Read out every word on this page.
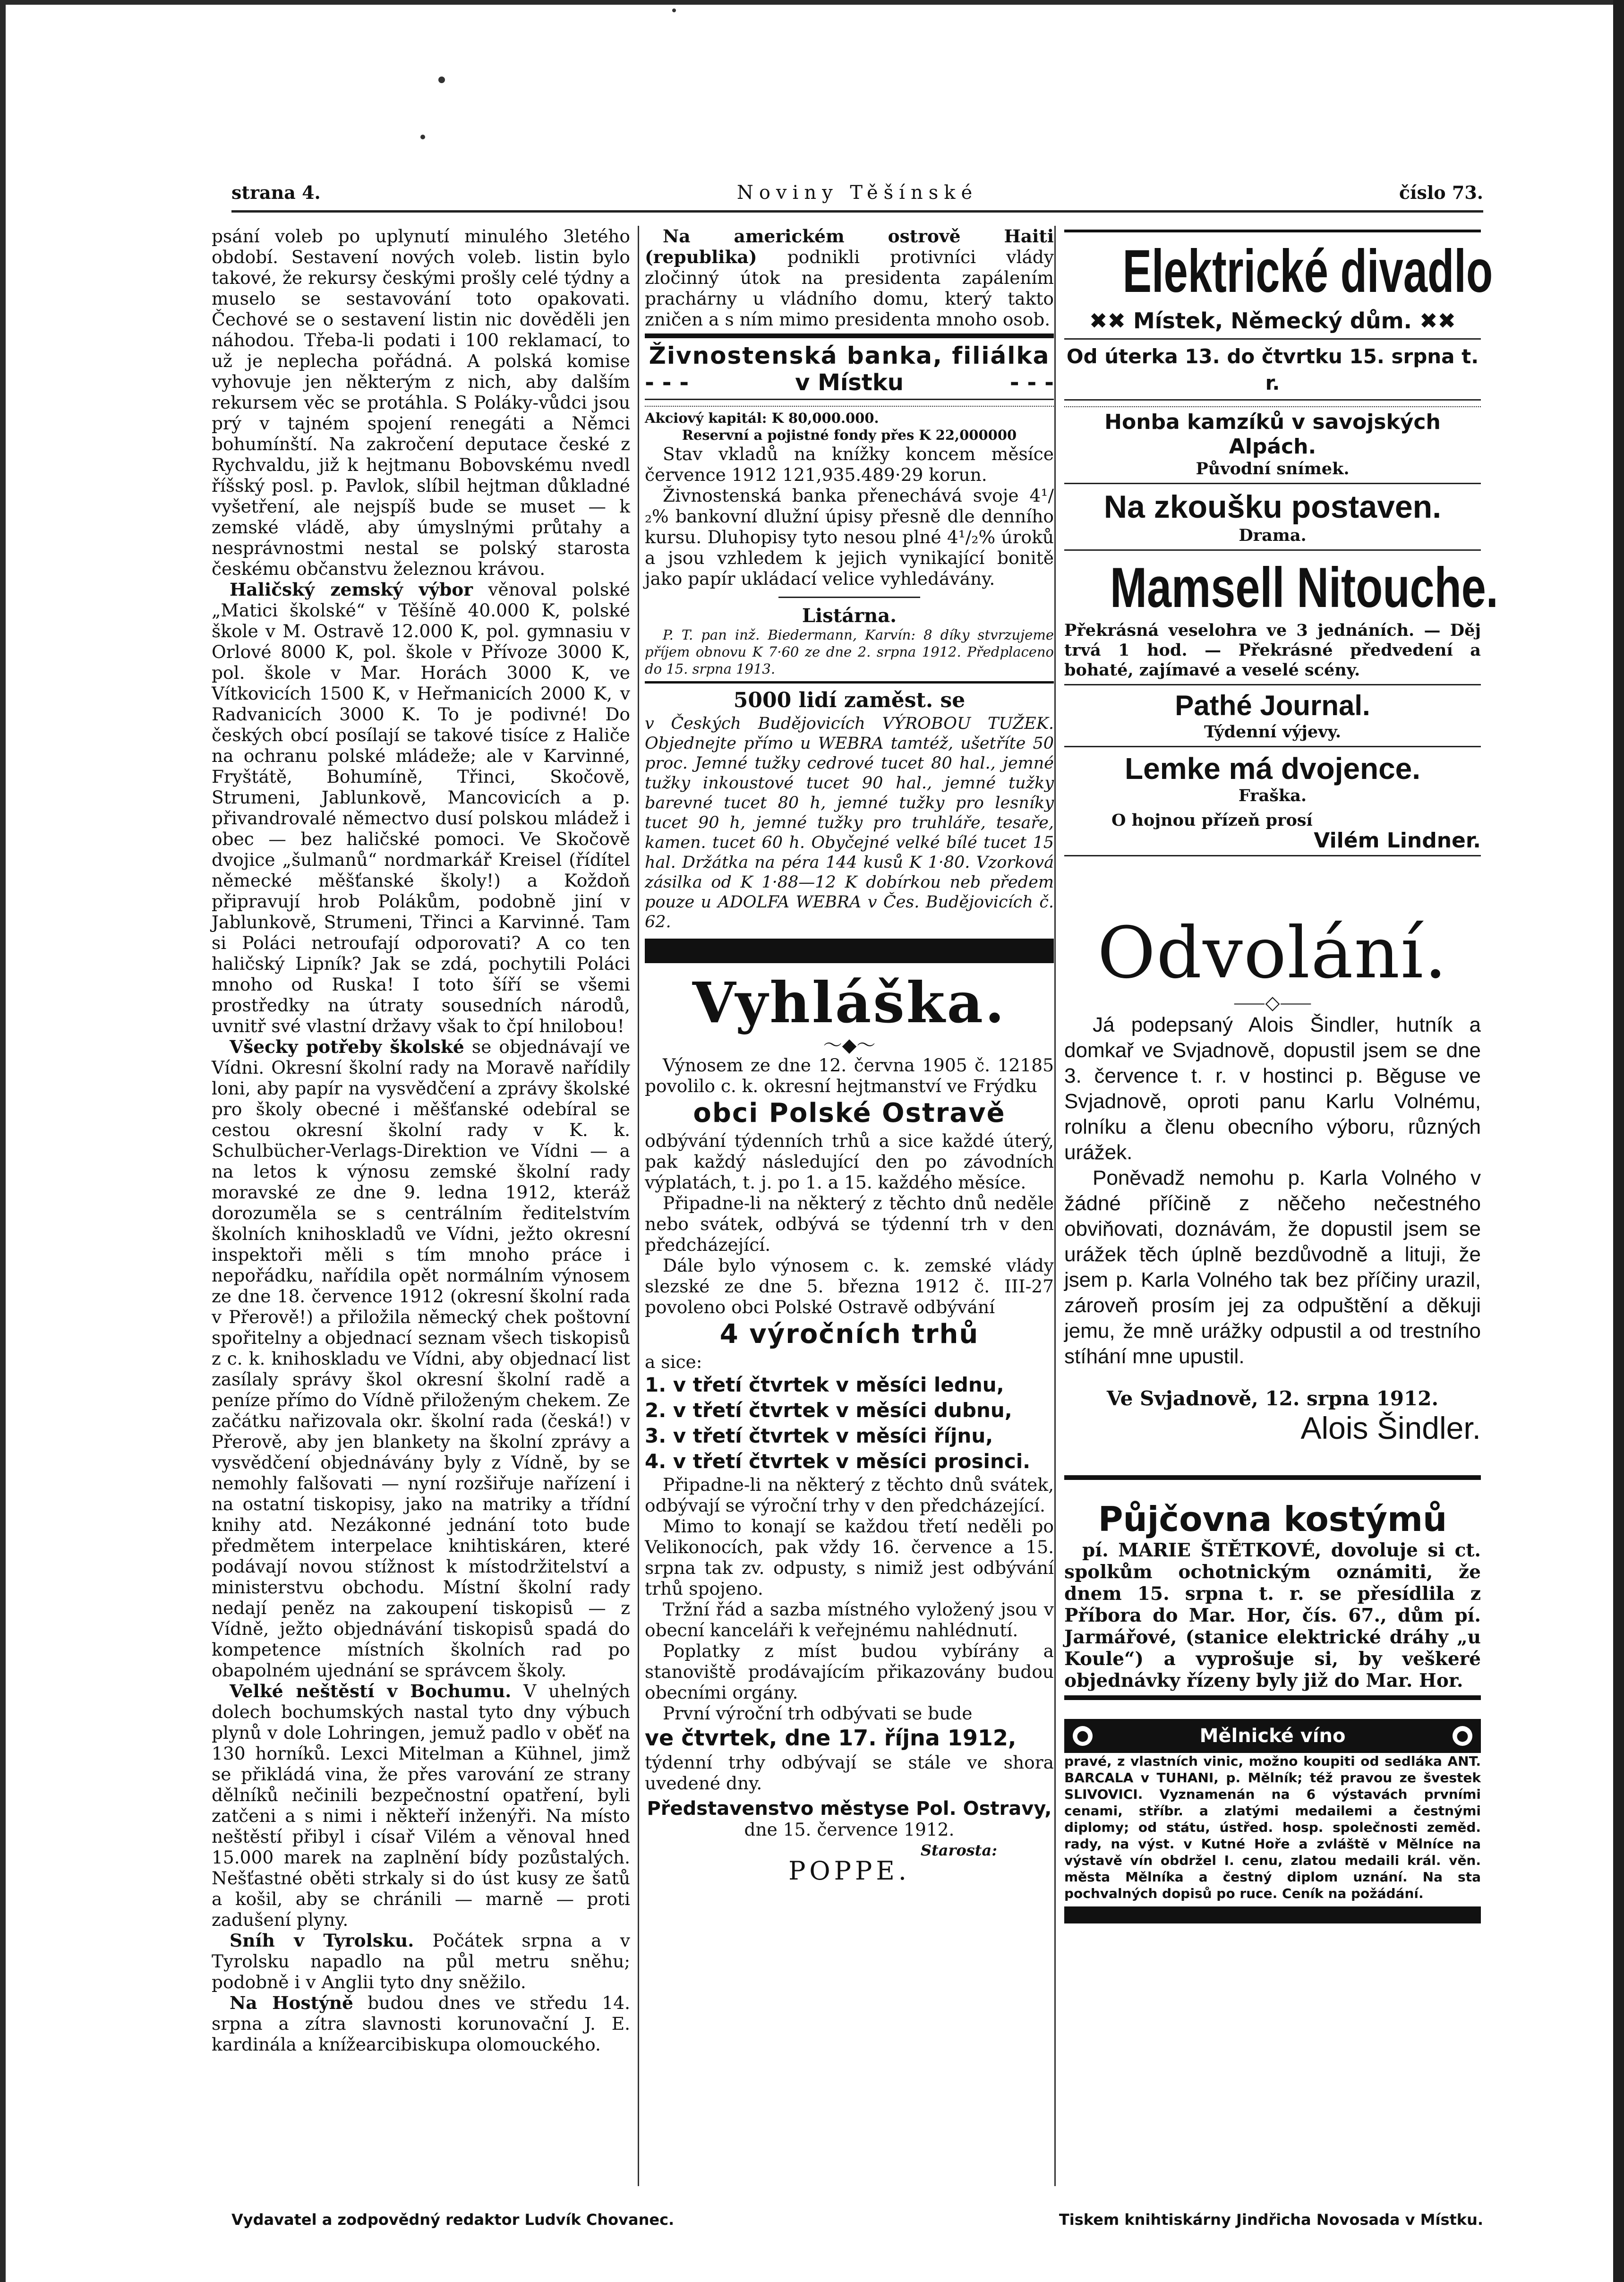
strana 4.	Noviny Těšínské	číslo 73.

psání voleb po uplynutí minulého 3letého období. Sestavení nových voleb. listin bylo takové, že rekursy českými prošly celé týdny a muselo se sestavování toto opakovati. Čechové se o sestavení listin nic dověděli jen náhodou. Třeba-li podati i 100 reklamací, to už je neplecha pořádná. A polská komise vyhovuje jen některým z nich, aby dalším rekursem věc se protáhla. S Poláky-vůdci jsou prý v tajném spojení renegáti a Němci bohumínští. Na zakročení deputace české z Rychvaldu, již k hejtmanu Bobovskému nvedl říšský posl. p. Pavlok, slíbil hejtman důkladné vyšetření, ale nejspíš bude se muset — k zemské vládě, aby úmyslnými průtahy a nesprávnostmi nestal se polský starosta českému občanstvu železnou krávou.

Haličský zemský výbor věnoval polské „Matici školské“ v Těšíně 40.000 K, polské škole v M. Ostravě 12.000 K, pol. gymnasiu v Orlové 8000 K, pol. škole v Přívoze 3000 K, pol. škole v Mar. Horách 3000 K, ve Vítkovicích 1500 K, v Heřmanicích 2000 K, v Radvanicích 3000 K. To je podivné! Do českých obcí posílají se takové tisíce z Haliče na ochranu polské mládeže; ale v Karvinné, Fryštátě, Bohumíně, Třinci, Skočově, Strumeni, Jablunkově, Mancovicích a p. přivandrovalé němectvo dusí polskou mládež i obec — bez haličské pomoci. Ve Skočově dvojice „šulmanů“ nordmarkář Kreisel (řídítel německé měšťanské školy!) a Koždoň připravují hrob Polákům, podobně jiní v Jablunkově, Strumeni, Třinci a Karvinné. Tam si Poláci netroufají odporovati? A co ten haličský Lipník? Jak se zdá, pochytili Poláci mnoho od Ruska! I toto šíří se všemi prostředky na útraty sousedních národů, uvnitř své vlastní državy však to čpí hnilobou!

Všecky potřeby školské se objednávají ve Vídni. Okresní školní rady na Moravě nařídily loni, aby papír na vysvědčení a zprávy školské pro školy obecné i měšťanské odebíral se cestou okresní školní rady v K. k. Schulbücher-Verlags-Direktion ve Vídni — a na letos k výnosu zemské školní rady moravské ze dne 9. ledna 1912, kteráž dorozuměla se s centrálním ředitelstvím školních knihoskladů ve Vídni, ježto okresní inspektoři měli s tím mnoho práce i nepořádku, nařídila opět normálním výnosem ze dne 18. července 1912 (okresní školní rada v Přerově!) a přiložila německý chek poštovní spořitelny a objednací seznam všech tiskopisů z c. k. knihoskladu ve Vídni, aby objednací list zasílaly správy škol okresní školní radě a peníze přímo do Vídně přiloženým chekem. Ze začátku nařizovala okr. školní rada (česká!) v Přerově, aby jen blankety na školní zprávy a vysvědčení objednávány byly z Vídně, by se nemohly falšovati — nyní rozšiřuje nařízení i na ostatní tiskopisy, jako na matriky a třídní knihy atd. Nezákonné jednání toto bude předmětem interpelace knihtiskáren, které podávají novou stížnost k místodržitelství a ministerstvu obchodu. Místní školní rady nedají peněz na zakoupení tiskopisů — z Vídně, ježto objednávání tiskopisů spadá do kompetence místních školních rad po obapolném ujednání se správcem školy.

Velké neštěstí v Bochumu. V uhelných dolech bochumských nastal tyto dny výbuch plynů v dole Lohringen, jemuž padlo v oběť na 130 horníků. Lexci Mitelman a Kühnel, jimž se přikládá vina, že přes varování ze strany dělníků nečinili bezpečnostní opatření, byli zatčeni a s nimi i někteří inženýři. Na místo neštěstí přibyl i císař Vilém a věnoval hned 15.000 marek na zaplnění bídy pozůstalých. Nešťastné oběti strkaly si do úst kusy ze šatů a košil, aby se chránili — marně — proti zadušení plyny.

Sníh v Tyrolsku. Počátek srpna a v Tyrolsku napadlo na půl metru sněhu; podobně i v Anglii tyto dny sněžilo.

Na Hostýně budou dnes ve středu 14. srpna a zítra slavnosti korunovační J. E. kardinála a knížearcibiskupa olomouckého.

Na americkém ostrově Haiti (republika) podnikli protivníci vlády zločinný útok na presidenta zapálením prachárny u vládního domu, který takto zničen a s ním mimo presidenta mnoho osob.

Živnostenská banka, filiálka
- - -	v Místku	- - -
Akciový kapitál: K 80,000.000.
Reservní a pojistné fondy přes K 22,000000

Stav vkladů na knížky koncem měsíce července 1912 121,935.489·29 korun.

Živnostenská banka přenechává svoje 4¹/₂% bankovní dlužní úpisy přesně dle denního kursu. Dluhopisy tyto nesou plné 4¹/₂% úroků a jsou vzhledem k jejich vynikající bonitě jako papír ukládací velice vyhledávány.

Listárna.

P. T. pan inž. Biedermann, Karvín: 8 díky stvrzujeme příjem obnovu K 7·60 ze dne 2. srpna 1912. Předplaceno do 15. srpna 1913.

5000 lidí zaměst. se

v Českých Budějovicích VÝROBOU TUŽEK. Objednejte přímo u WEBRA tamtéž, ušetříte 50 proc. Jemné tužky cedrové tucet 80 hal., jemné tužky inkoustové tucet 90 hal., jemné tužky barevné tucet 80 h, jemné tužky pro lesníky tucet 90 h, jemné tužky pro truhláře, tesaře, kamen. tucet 60 h. Obyčejné velké bílé tucet 15 hal. Držátka na péra 144 kusů K 1·80. Vzorková zásilka od K 1·88—12 K dobírkou neb předem pouze u ADOLFA WEBRA v Čes. Budějovicích č. 62.

Vyhláška.
〜◆〜

Výnosem ze dne 12. června 1905 č. 12185 povolilo c. k. okresní hejtmanství ve Frýdku

obci Polské Ostravě

odbývání týdenních trhů a sice každé úterý, pak každý následující den po závodních výplatách, t. j. po 1. a 15. každého měsíce.

Připadne-li na některý z těchto dnů neděle nebo svátek, odbývá se týdenní trh v den předcházející.

Dále bylo výnosem c. k. zemské vlády slezské ze dne 5. března 1912 č. III-27 povoleno obci Polské Ostravě odbývání

4 výročních trhů

a sice:

1. v třetí čtvrtek v měsíci lednu,
2. v třetí čtvrtek v měsíci dubnu,
3. v třetí čtvrtek v měsíci říjnu,
4. v třetí čtvrtek v měsíci prosinci.

Připadne-li na některý z těchto dnů svátek, odbývají se výroční trhy v den předcházející.

Mimo to konají se každou třetí neděli po Velikonocích, pak vždy 16. července a 15. srpna tak zv. odpusty, s nimiž jest odbývání trhů spojeno.

Tržní řád a sazba místného vyložený jsou v obecní kanceláři k veřejnému nahlédnutí.

Poplatky z míst budou vybírány a stanoviště prodávajícím přikazovány budou obecními orgány.

První výroční trh odbývati se bude

ve čtvrtek, dne 17. října 1912,

týdenní trhy odbývají se stále ve shora uvedené dny.

Představenstvo městyse Pol. Ostravy,
dne 15. července 1912.
Starosta:
POPPE.
Elektrické divadlo
✖✖ Místek, Německý dům. ✖✖
Od úterka 13. do čtvrtku 15. srpna t. r.
Honba kamzíků v savojských Alpách.
Původní snímek.
Na zkoušku postaven.
Drama.
Mamsell Nitouche.
Překrásná veselohra ve 3 jednáních. — Děj trvá 1 hod. — Překrásné předvedení a bohaté, zajímavé a veselé scény.
Pathé Journal.
Týdenní výjevy.
Lemke má dvojence.
Fraška.
O hojnou přízeň prosí
Vilém Lindner.
Odvolání.
⸺◇⸺

Já podepsaný Alois Šindler, hutník a domkař ve Svjadnově, dopustil jsem se dne 3. července t. r. v hostinci p. Běguse ve Svjadnově, oproti panu Karlu Volnému, rolníku a členu obecního výboru, různých urážek.

Poněvadž nemohu p. Karla Volného v žádné příčině z něčeho nečestného obviňovati, doznávám, že dopustil jsem se urážek těch úplně bezdůvodně a lituji, že jsem p. Karla Volného tak bez příčiny urazil, zároveň prosím jej za odpuštění a děkuji jemu, že mně urážky odpustil a od trestního stíhání mne upustil.

Ve Svjadnově, 12. srpna 1912.
Alois Šindler.
Půjčovna kostýmů

pí. MARIE ŠTĚTKOVÉ, dovoluje si ct. spolkům ochotnickým oznámiti, že dnem 15. srpna t. r. se přesídlila z Příbora do Mar. Hor, čís. 67., dům pí. Jarmářové, (stanice elektrické dráhy „u Koule“) a vyprošuje si, by veškeré objednávky řízeny byly již do Mar. Hor.

●	Mělnické víno	●
pravé, z vlastních vinic, možno koupiti od sedláka ANT. BARCALA v TUHANI, p. Mělník; též pravou ze švestek SLIVOVICI. Vyznamenán na 6 výstavách prvními cenami, stříbr. a zlatými medailemi a čestnými diplomy; od státu, ústřed. hosp. společnosti zeměd. rady, na výst. v Kutné Hoře a zvláště v Mělníce na výstavě vín obdržel I. cenu, zlatou medaili král. věn. města Mělníka a čestný diplom uznání. Na sta pochvalných dopisů po ruce. Ceník na požádání.
Vydavatel a zodpovědný redaktor Ludvík Chovanec.	Tiskem knihtiskárny Jindřicha Novosada v Místku.
